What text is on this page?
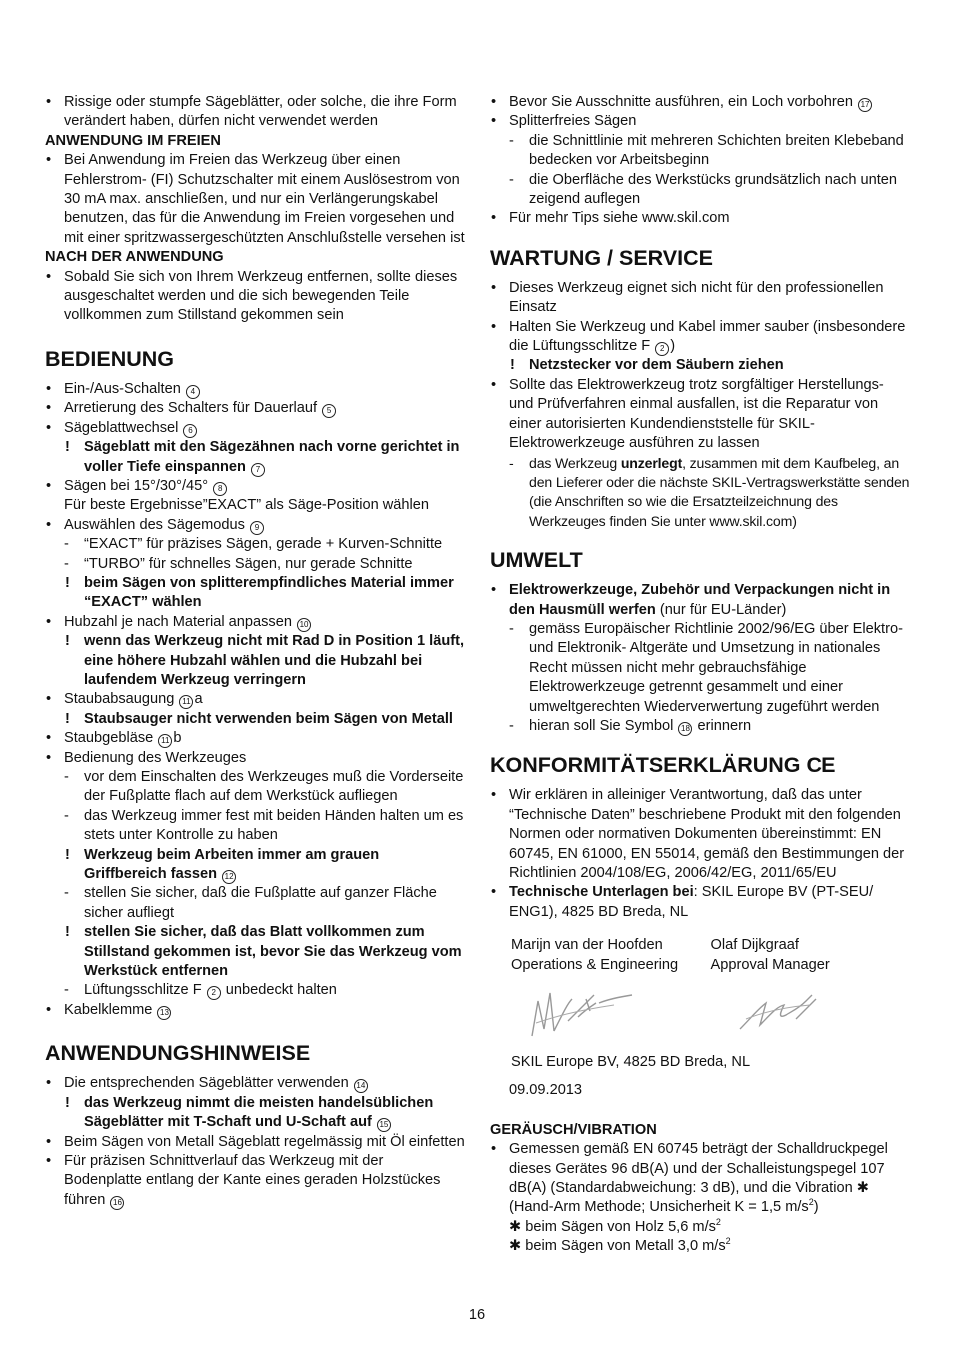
• Rissige oder stumpfe Sägeblätter, oder solche, die ihre Form verändert haben, dürfen nicht verwendet werden
ANWENDUNG IM FREIEN
• Bei Anwendung im Freien das Werkzeug über einen Fehlerstrom- (FI) Schutzschalter mit einem Auslösestrom von 30 mA max. anschließen, und nur ein Verlängerungskabel benutzen, das für die Anwendung im Freien vorgesehen und mit einer spritzwassergeschützten Anschlußstelle versehen ist
NACH DER ANWENDUNG
• Sobald Sie sich von Ihrem Werkzeug entfernen, sollte dieses ausgeschaltet werden und die sich bewegenden Teile vollkommen zum Stillstand gekommen sein
BEDIENUNG
• Ein-/Aus-Schalten 4
• Arretierung des Schalters für Dauerlauf 5
• Sägeblattwechsel 6
! Sägeblatt mit den Sägezähnen nach vorne gerichtet in voller Tiefe einspannen 7
• Sägen bei 15°/30°/45° 8
Für beste Ergebnisse”EXACT” als Säge-Position wählen
• Auswählen des Sägemodus 9
- “EXACT” für präzises Sägen, gerade + Kurven-Schnitte
- “TURBO” für schnelles Sägen, nur gerade Schnitte
! beim Sägen von splitterempfindliches Material immer “EXACT” wählen
• Hubzahl je nach Material anpassen 10
! wenn das Werkzeug nicht mit Rad D in Position 1 läuft, eine höhere Hubzahl wählen und die Hubzahl bei laufendem Werkzeug verringern
• Staubabsaugung 11 a
! Staubsauger nicht verwenden beim Sägen von Metall
• Staubgebläse 11 b
• Bedienung des Werkzeuges
- vor dem Einschalten des Werkzeuges muß die Vorderseite der Fußplatte flach auf dem Werkstück aufliegen
- das Werkzeug immer fest mit beiden Händen halten um es stets unter Kontrolle zu haben
! Werkzeug beim Arbeiten immer am grauen Griffbereich fassen 12
- stellen Sie sicher, daß die Fußplatte auf ganzer Fläche sicher aufliegt
! stellen Sie sicher, daß das Blatt vollkommen zum Stillstand gekommen ist, bevor Sie das Werkzeug vom Werkstück entfernen
- Lüftungsschlitze F 2 unbedeckt halten
• Kabelklemme 13
ANWENDUNGSHINWEISE
• Die entsprechenden Sägeblätter verwenden 14
! das Werkzeug nimmt die meisten handelsüblichen Sägeblätter mit T-Schaft und U-Schaft auf 15
• Beim Sägen von Metall Sägeblatt regelmässig mit Öl einfetten
• Für präzisen Schnittverlauf das Werkzeug mit der Bodenplatte entlang der Kante eines geraden Holzstückes führen 16
• Bevor Sie Ausschnitte ausführen, ein Loch vorbohren 17
• Splitterfreies Sägen
- die Schnittlinie mit mehreren Schichten breiten Klebeband bedecken vor Arbeitsbeginn
- die Oberfläche des Werkstücks grundsätzlich nach unten zeigend auflegen
• Für mehr Tips siehe www.skil.com
WARTUNG / SERVICE
• Dieses Werkzeug eignet sich nicht für den professionellen Einsatz
• Halten Sie Werkzeug und Kabel immer sauber (insbesondere die Lüftungsschlitze F 2 )
! Netzstecker vor dem Säubern ziehen
• Sollte das Elektrowerkzeug trotz sorgfältiger Herstellungs- und Prüfverfahren einmal ausfallen, ist die Reparatur von einer autorisierten Kundendienststelle für SKIL-Elektrowerkzeuge ausführen zu lassen
- das Werkzeug unzerlegt, zusammen mit dem Kaufbeleg, an den Lieferer oder die nächste SKIL-Vertragswerkstätte senden (die Anschriften so wie die Ersatzteilzeichnung des Werkzeuges finden Sie unter www.skil.com)
UMWELT
• Elektrowerkzeuge, Zubehör und Verpackungen nicht in den Hausmüll werfen (nur für EU-Länder)
- gemäss Europäischer Richtlinie 2002/96/EG über Elektro- und Elektronik- Altgeräte und Umsetzung in nationales Recht müssen nicht mehr gebrauchsfähige Elektrowerkzeuge getrennt gesammelt und einer umweltgerechten Wiederverwertung zugeführt werden
- hieran soll Sie Symbol 18 erinnern
KONFORMITÄTSERKLÄRUNG CE
• Wir erklären in alleiniger Verantwortung, daß das unter “Technische Daten” beschriebene Produkt mit den folgenden Normen oder normativen Dokumenten übereinstimmt: EN 60745, EN 61000, EN 55014, gemäß den Bestimmungen der Richtlinien 2004/108/EG, 2006/42/EG, 2011/65/EU
• Technische Unterlagen bei: SKIL Europe BV (PT-SEU/ ENG1), 4825 BD Breda, NL
Marijn van der Hoofden
Operations & Engineering
Olaf Dijkgraaf
Approval Manager
SKIL Europe BV, 4825 BD Breda, NL
09.09.2013
GERÄUSCH/VIBRATION
• Gemessen gemäß EN 60745 beträgt der Schalldruckpegel dieses Gerätes 96 dB(A) und der Schalleistungspegel 107 dB(A) (Standardabweichung: 3 dB), und die Vibration ✱ (Hand-Arm Methode; Unsicherheit K = 1,5 $m/s^2$)
✱ beim Sägen von Holz 5,6 $m/s^2$
✱ beim Sägen von Metall 3,0 $m/s^2$
16
